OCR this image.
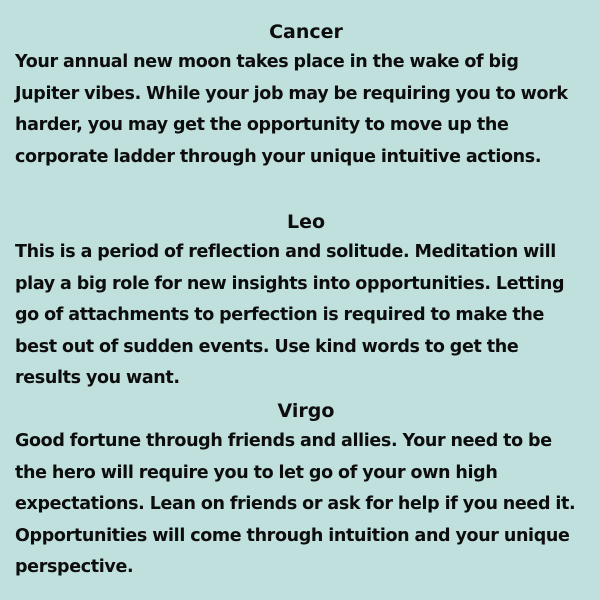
Cancer

Your annual new moon takes place in the wake of big Jupiter vibes. While your job may be requiring you to work harder, you may get the opportunity to move up the corporate ladder through your unique intuitive actions.

Leo

This is a period of reflection and solitude. Meditation will play a big role for new insights into opportunities. Letting go of attachments to perfection is required to make the best out of sudden events. Use kind words to get the results you want.

Virgo

Good fortune through friends and allies. Your need to be the hero will require you to let go of your own high expectations. Lean on friends or ask for help if you need it. Opportunities will come through intuition and your unique perspective.
